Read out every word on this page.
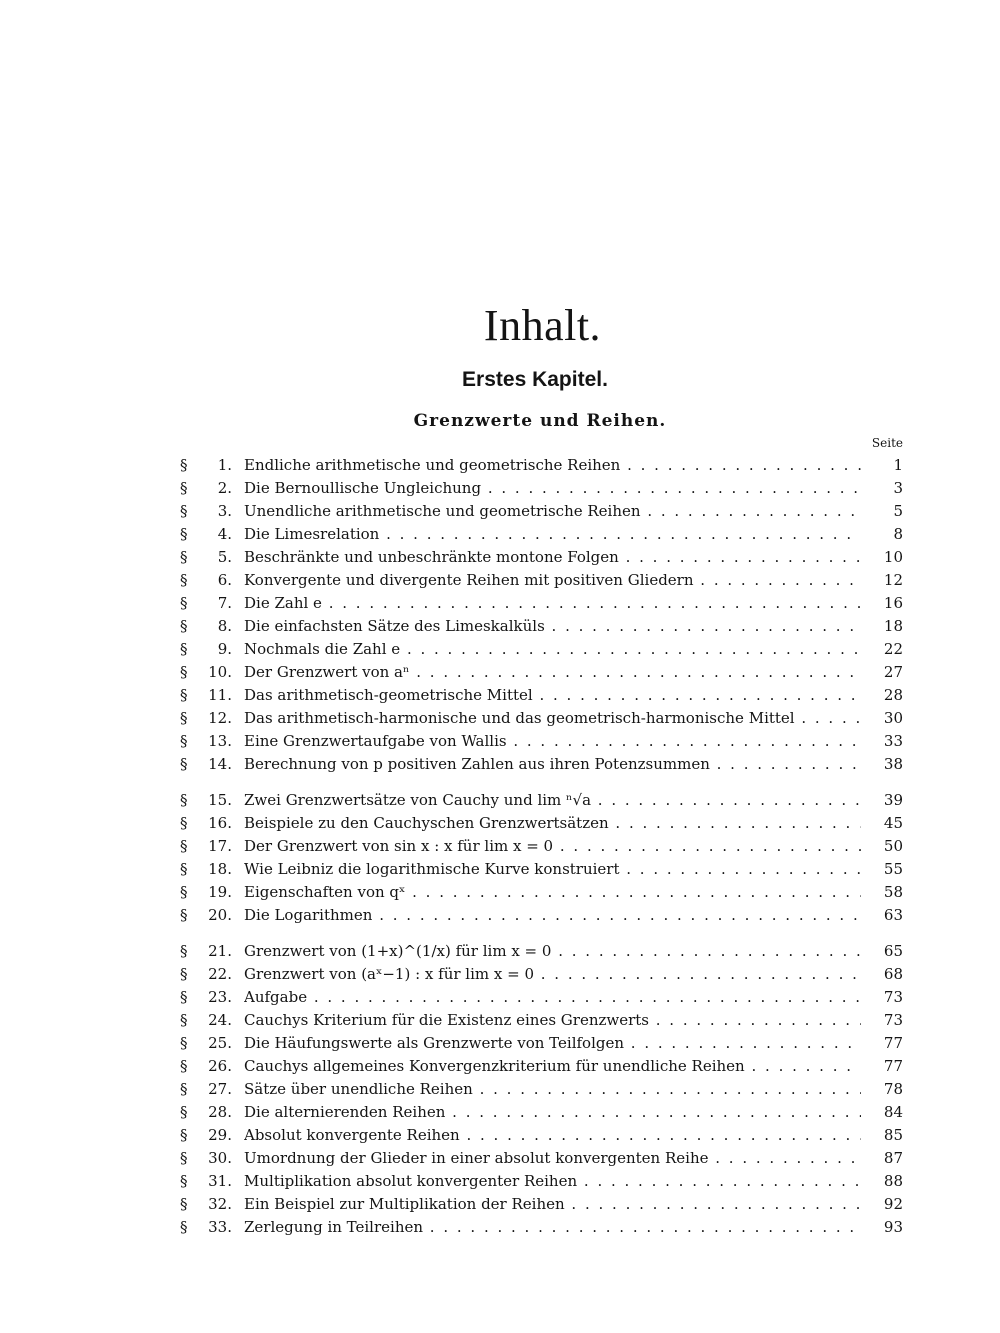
Inhalt.
Erstes Kapitel.
Grenzwerte und Reihen.
Seite
§	1. Endliche arithmetische und geometrische Reihen . . .	1
§	2. Die Bernoullische Ungleichung . . .	3
§	3. Unendliche arithmetische und geometrische Reihen . . .	5
§	4. Die Limesrelation . . .	8
§	5. Beschränkte und unbeschränkte montone Folgen . . .	10
§	6. Konvergente und divergente Reihen mit positiven Gliedern . . .	12
§	7. Die Zahl e . . .	16
§	8. Die einfachsten Sätze des Limeskalküls . . .	18
§	9. Nochmals die Zahl e . . .	22
§	10. Der Grenzwert von aⁿ . . .	27
§	11. Das arithmetisch-geometrische Mittel . . .	28
§	12. Das arithmetisch-harmonische und das geometrisch-harmonische Mittel . . .	30
§	13. Eine Grenzwertaufgabe von Wallis . . .	33
§	14. Berechnung von p positiven Zahlen aus ihren Potenzsummen . . .	38
§	15. Zwei Grenzwertsätze von Cauchy und lim ⁿ√a . . .	39
§	16. Beispiele zu den Cauchyschen Grenzwertsätzen . . .	45
§	17. Der Grenzwert von sin x : x für lim x = 0 . . .	50
§	18. Wie Leibniz die logarithmische Kurve konstruiert . . .	55
§	19. Eigenschaften von qˣ . . .	58
§	20. Die Logarithmen . . .	63
§	21. Grenzwert von (1+x)^(1/x) für lim x = 0 . . .	65
§	22. Grenzwert von (aˣ−1) : x für lim x = 0 . . .	68
§	23. Aufgabe . . .	73
§	24. Cauchys Kriterium für die Existenz eines Grenzwerts . . .	73
§	25. Die Häufungswerte als Grenzwerte von Teilfolgen . . .	77
§	26. Cauchys allgemeines Konvergenzkriterium für unendliche Reihen . . .	77
§	27. Sätze über unendliche Reihen . . .	78
§	28. Die alternierenden Reihen . . .	84
§	29. Absolut konvergente Reihen . . .	85
§	30. Umordnung der Glieder in einer absolut konvergenten Reihe . . .	87
§	31. Multiplikation absolut konvergenter Reihen . . .	88
§	32. Ein Beispiel zur Multiplikation der Reihen . . .	92
§	33. Zerlegung in Teilreihen . . .	93
